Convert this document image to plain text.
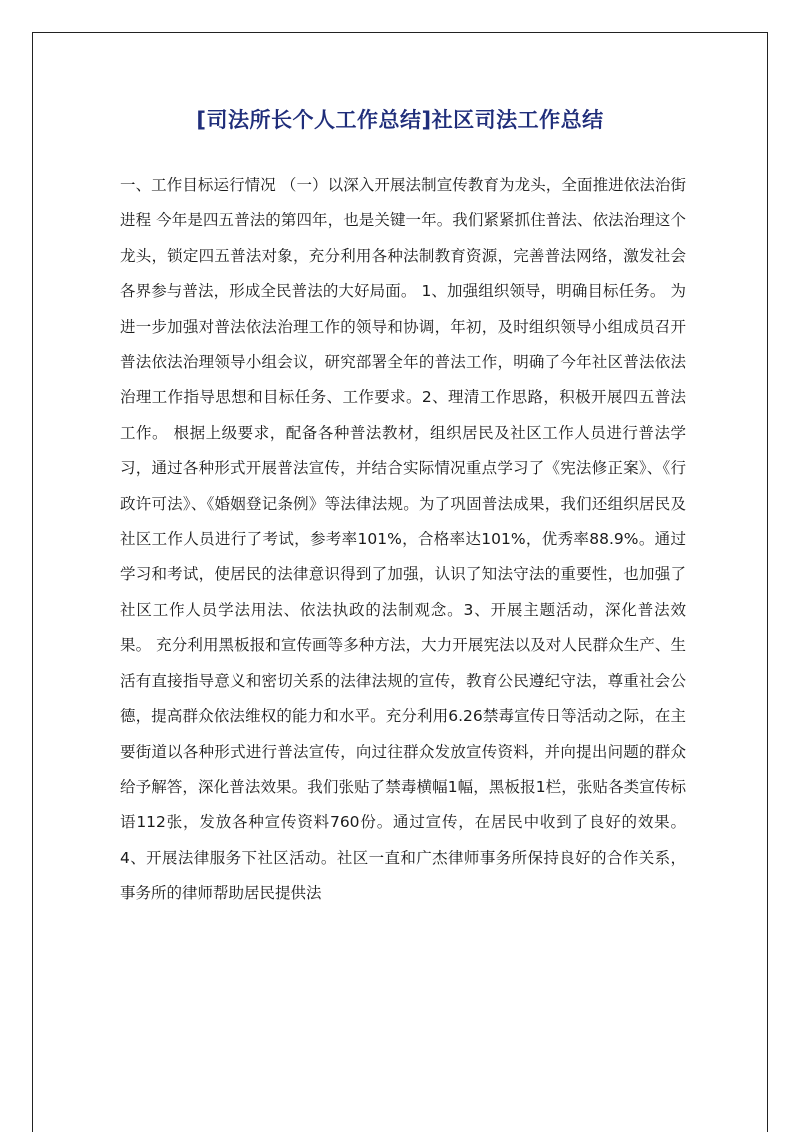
[司法所长个人工作总结]社区司法工作总结

一、工作目标运行情况 （一）以深入开展法制宣传教育为龙头，全面推进依法治街进程 今年是四五普法的第四年，也是关键一年。我们紧紧抓住普法、依法治理这个龙头，锁定四五普法对象，充分利用各种法制教育资源，完善普法网络，激发社会各界参与普法，形成全民普法的大好局面。 1、加强组织领导，明确目标任务。 为进一步加强对普法依法治理工作的领导和协调，年初，及时组织领导小组成员召开普法依法治理领导小组会议，研究部署全年的普法工作，明确了今年社区普法依法治理工作指导思想和目标任务、工作要求。2、理清工作思路，积极开展四五普法工作。 根据上级要求，配备各种普法教材，组织居民及社区工作人员进行普法学习，通过各种形式开展普法宣传，并结合实际情况重点学习了《宪法修正案》、《行政许可法》、《婚姻登记条例》等法律法规。为了巩固普法成果，我们还组织居民及社区工作人员进行了考试，参考率101%，合格率达101%，优秀率88.9%。通过学习和考试，使居民的法律意识得到了加强，认识了知法守法的重要性，也加强了社区工作人员学法用法、依法执政的法制观念。3、开展主题活动，深化普法效果。 充分利用黑板报和宣传画等多种方法，大力开展宪法以及对人民群众生产、生活有直接指导意义和密切关系的法律法规的宣传，教育公民遵纪守法，尊重社会公德，提高群众依法维权的能力和水平。充分利用6.26禁毒宣传日等活动之际，在主要街道以各种形式进行普法宣传，向过往群众发放宣传资料，并向提出问题的群众给予解答，深化普法效果。我们张贴了禁毒横幅1幅，黑板报1栏，张贴各类宣传标语112张，发放各种宣传资料760份。通过宣传，在居民中收到了良好的效果。 4、开展法律服务下社区活动。社区一直和广杰律师事务所保持良好的合作关系，事务所的律师帮助居民提供法
